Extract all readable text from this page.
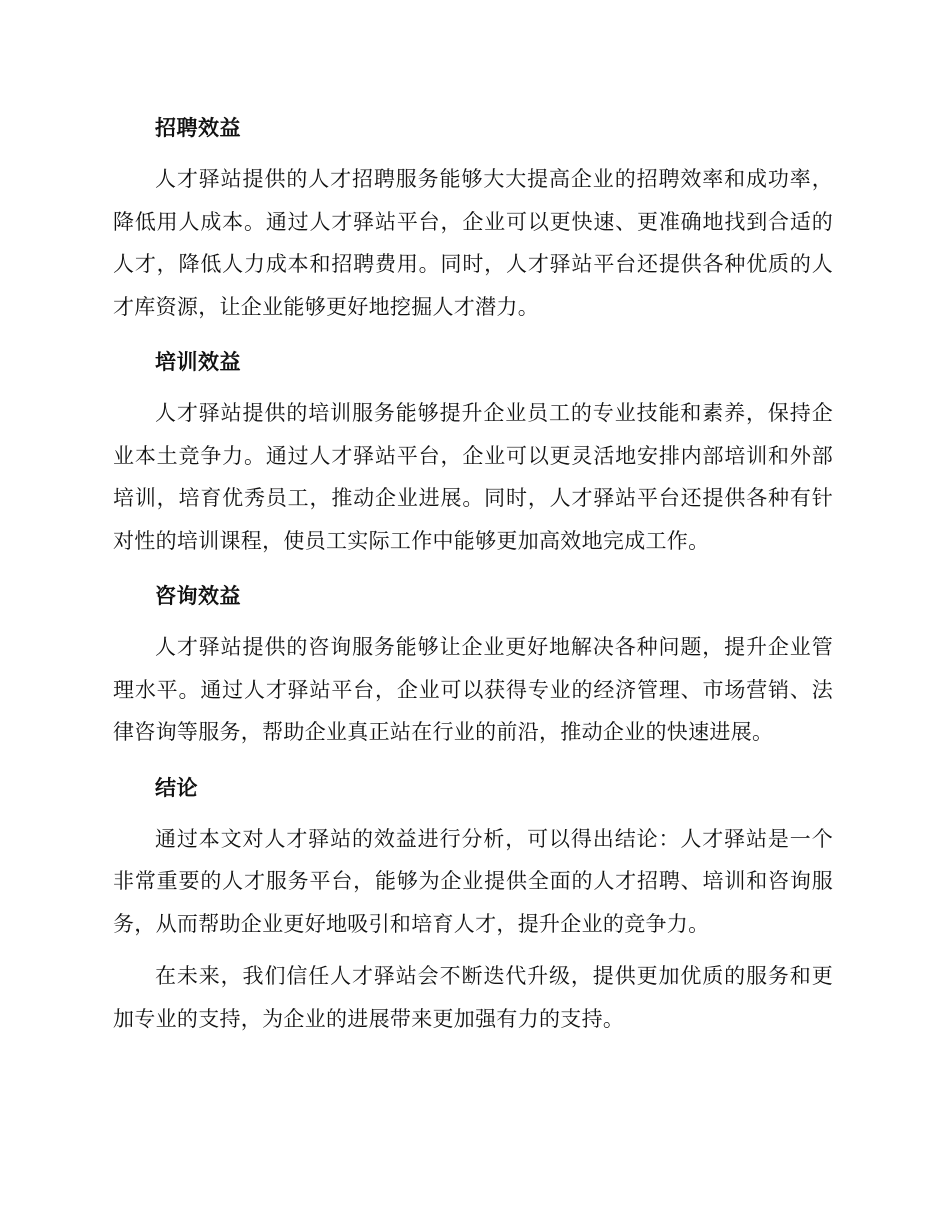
招聘效益

人才驿站提供的人才招聘服务能够大大提高企业的招聘效率和成功率，降低用人成本。通过人才驿站平台，企业可以更快速、更准确地找到合适的人才，降低人力成本和招聘费用。同时，人才驿站平台还提供各种优质的人才库资源，让企业能够更好地挖掘人才潜力。

培训效益

人才驿站提供的培训服务能够提升企业员工的专业技能和素养，保持企业本土竞争力。通过人才驿站平台，企业可以更灵活地安排内部培训和外部培训，培育优秀员工，推动企业进展。同时，人才驿站平台还提供各种有针对性的培训课程，使员工实际工作中能够更加高效地完成工作。

咨询效益

人才驿站提供的咨询服务能够让企业更好地解决各种问题，提升企业管理水平。通过人才驿站平台，企业可以获得专业的经济管理、市场营销、法律咨询等服务，帮助企业真正站在行业的前沿，推动企业的快速进展。

结论

通过本文对人才驿站的效益进行分析，可以得出结论：人才驿站是一个非常重要的人才服务平台，能够为企业提供全面的人才招聘、培训和咨询服务，从而帮助企业更好地吸引和培育人才，提升企业的竞争力。

在未来，我们信任人才驿站会不断迭代升级，提供更加优质的服务和更加专业的支持，为企业的进展带来更加强有力的支持。
